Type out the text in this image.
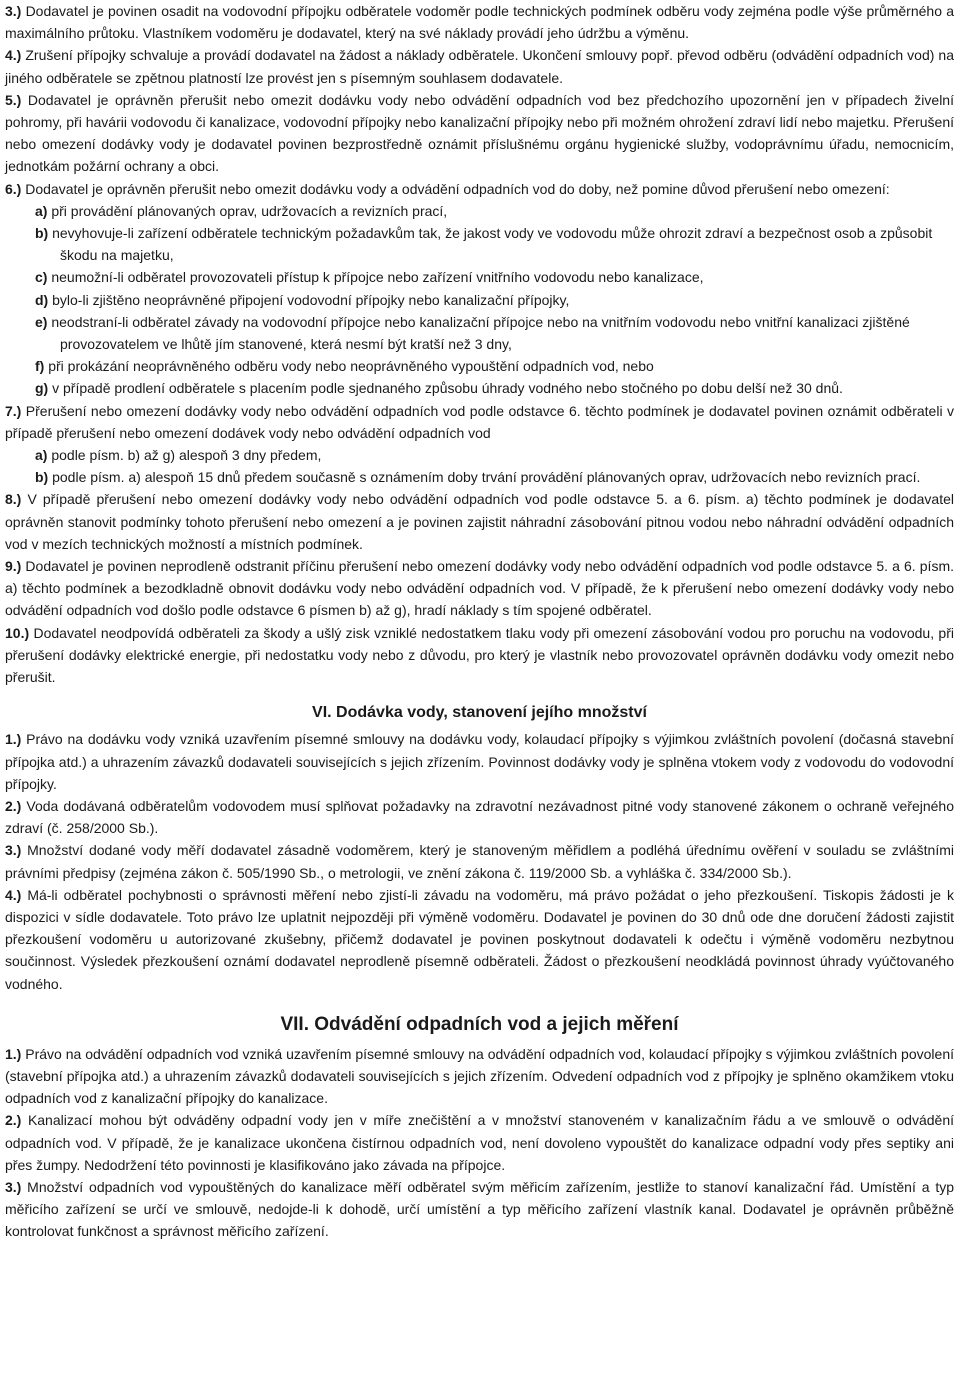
3.) Dodavatel je povinen osadit na vodovodní přípojku odběratele vodoměr podle technických podmínek odběru vody zejména podle výše průměrného a maximálního průtoku. Vlastníkem vodoměru je dodavatel, který na své náklady provádí jeho údržbu a výměnu.

4.) Zrušení přípojky schvaluje a provádí dodavatel na žádost a náklady odběratele. Ukončení smlouvy popř. převod odběru (odvádění odpadních vod) na jiného odběratele se zpětnou platností lze provést jen s písemným souhlasem dodavatele.

5.) Dodavatel je oprávněn přerušit nebo omezit dodávku vody nebo odvádění odpadních vod bez předchozího upozornění jen v případech živelní pohromy, při havárii vodovodu či kanalizace, vodovodní přípojky nebo kanalizační přípojky nebo při možném ohrožení zdraví lidí nebo majetku. Přerušení nebo omezení dodávky vody je dodavatel povinen bezprostředně oznámit příslušnému orgánu hygienické služby, vodoprávnímu úřadu, nemocnicím, jednotkám požární ochrany a obci.

6.) Dodavatel je oprávněn přerušit nebo omezit dodávku vody a odvádění odpadních vod do doby, než pomine důvod přerušení nebo omezení:

a) při provádění plánovaných oprav, udržovacích a revizních prací,

b) nevyhovuje-li zařízení odběratele technickým požadavkům tak, že jakost vody ve vodovodu může ohrozit zdraví a bezpečnost osob a způsobit škodu na majetku,

c) neumožní-li odběratel provozovateli přístup k přípojce nebo zařízení vnitřního vodovodu nebo kanalizace,

d) bylo-li zjištěno neoprávněné připojení vodovodní přípojky nebo kanalizační přípojky,

e) neodstraní-li odběratel závady na vodovodní přípojce nebo kanalizační přípojce nebo na vnitřním vodovodu nebo vnitřní kanalizaci zjištěné provozovatelem ve lhůtě jím stanovené, která nesmí být kratší než 3 dny,

f) při prokázání neoprávněného odběru vody nebo neoprávněného vypouštění odpadních vod, nebo

g) v případě prodlení odběratele s placením podle sjednaného způsobu úhrady vodného nebo stočného po dobu delší než 30 dnů.

7.) Přerušení nebo omezení dodávky vody nebo odvádění odpadních vod podle odstavce 6. těchto podmínek je dodavatel povinen oznámit odběrateli v případě přerušení nebo omezení dodávek vody nebo odvádění odpadních vod

a) podle písm. b) až g) alespoň 3 dny předem,

b) podle písm. a) alespoň 15 dnů předem současně s oznámením doby trvání provádění plánovaných oprav, udržovacích nebo revizních prací.

8.) V případě přerušení nebo omezení dodávky vody nebo odvádění odpadních vod podle odstavce 5. a 6. písm. a) těchto podmínek je dodavatel oprávněn stanovit podmínky tohoto přerušení nebo omezení a je povinen zajistit náhradní zásobování pitnou vodou nebo náhradní odvádění odpadních vod v mezích technických možností a místních podmínek.

9.) Dodavatel je povinen neprodleně odstranit příčinu přerušení nebo omezení dodávky vody nebo odvádění odpadních vod podle odstavce 5. a 6. písm. a) těchto podmínek a bezodkladně obnovit dodávku vody nebo odvádění odpadních vod. V případě, že k přerušení nebo omezení dodávky vody nebo odvádění odpadních vod došlo podle odstavce 6 písmen b) až g), hradí náklady s tím spojené odběratel.

10.) Dodavatel neodpovídá odběrateli za škody a ušlý zisk vzniklé nedostatkem tlaku vody při omezení zásobování vodou pro poruchu na vodovodu, při přerušení dodávky elektrické energie, při nedostatku vody nebo z důvodu, pro který je vlastník nebo provozovatel oprávněn dodávku vody omezit nebo přerušit.

VI. Dodávka vody, stanovení jejího množství

1.) Právo na dodávku vody vzniká uzavřením písemné smlouvy na dodávku vody, kolaudací přípojky s výjimkou zvláštních povolení (dočasná stavební přípojka atd.) a uhrazením závazků dodavateli souvisejících s jejich zřízením. Povinnost dodávky vody je splněna vtokem vody z vodovodu do vodovodní přípojky.

2.) Voda dodávaná odběratelům vodovodem musí splňovat požadavky na zdravotní nezávadnost pitné vody stanovené zákonem o ochraně veřejného zdraví (č. 258/2000 Sb.).

3.) Množství dodané vody měří dodavatel zásadně vodoměrem, který je stanoveným měřidlem a podléhá úřednímu ověření v souladu se zvláštními právními předpisy (zejména zákon č. 505/1990 Sb., o metrologii, ve znění zákona č. 119/2000 Sb. a vyhláška č. 334/2000 Sb.).

4.) Má-li odběratel pochybnosti o správnosti měření nebo zjistí-li závadu na vodoměru, má právo požádat o jeho přezkoušení. Tiskopis žádosti je k dispozici v sídle dodavatele. Toto právo lze uplatnit nejpozději při výměně vodoměru. Dodavatel je povinen do 30 dnů ode dne doručení žádosti zajistit přezkoušení vodoměru u autorizované zkušebny, přičemž dodavatel je povinen poskytnout dodavateli k odečtu i výměně vodoměru nezbytnou součinnost. Výsledek přezkoušení oznámí dodavatel neprodleně písemně odběrateli. Žádost o přezkoušení neodkládá povinnost úhrady vyúčtovaného vodného.

VII. Odvádění odpadních vod a jejich měření

1.) Právo na odvádění odpadních vod vzniká uzavřením písemné smlouvy na odvádění odpadních vod, kolaudací přípojky s výjimkou zvláštních povolení (stavební přípojka atd.) a uhrazením závazků dodavateli souvisejících s jejich zřízením. Odvedení odpadních vod z přípojky je splněno okamžikem vtoku odpadních vod z kanalizační přípojky do kanalizace.

2.) Kanalizací mohou být odváděny odpadní vody jen v míře znečištění a v množství stanoveném v kanalizačním řádu a ve smlouvě o odvádění odpadních vod. V případě, že je kanalizace ukončena čistírnou odpadních vod, není dovoleno vypouštět do kanalizace odpadní vody přes septiky ani přes žumpy. Nedodržení této povinnosti je klasifikováno jako závada na přípojce.

3.) Množství odpadních vod vypouštěných do kanalizace měří odběratel svým měřicím zařízením, jestliže to stanoví kanalizační řád. Umístění a typ měřicího zařízení se určí ve smlouvě, nedojde-li k dohodě, určí umístění a typ měřicího zařízení vlastník kanal. Dodavatel je oprávněn průběžně kontrolovat funkčnost a správnost měřicího zařízení.
